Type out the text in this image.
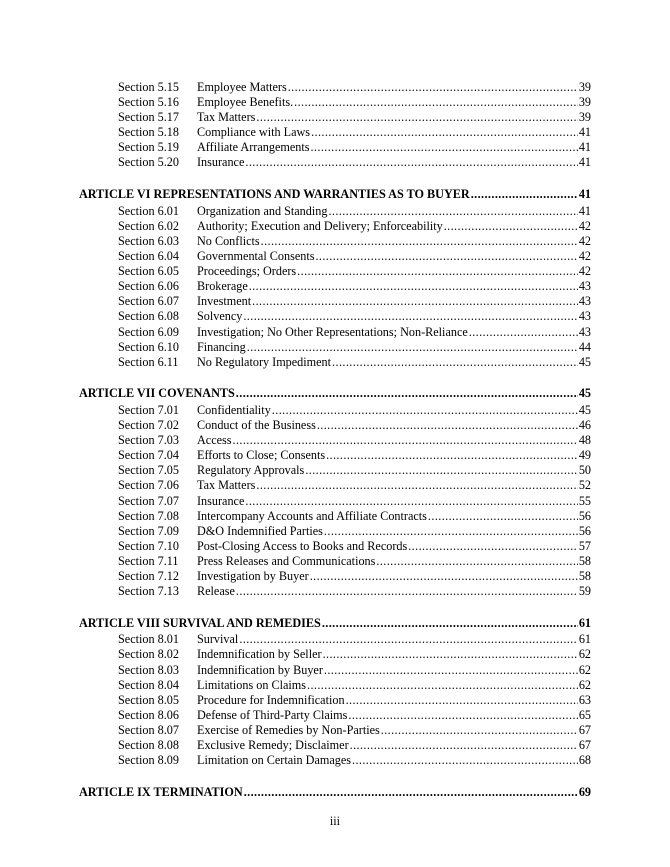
Section 5.15	Employee Matters .....	39
Section 5.16	Employee Benefits. .....	39
Section 5.17	Tax Matters .....	39
Section 5.18	Compliance with Laws .....	41
Section 5.19	Affiliate Arrangements .....	41
Section 5.20	Insurance .....	41
ARTICLE VI REPRESENTATIONS AND WARRANTIES AS TO BUYER .....	41
Section 6.01	Organization and Standing .....	41
Section 6.02	Authority; Execution and Delivery; Enforceability .....	42
Section 6.03	No Conflicts .....	42
Section 6.04	Governmental Consents .....	42
Section 6.05	Proceedings; Orders .....	42
Section 6.06	Brokerage .....	43
Section 6.07	Investment .....	43
Section 6.08	Solvency .....	43
Section 6.09	Investigation; No Other Representations; Non-Reliance .....	43
Section 6.10	Financing .....	44
Section 6.11	No Regulatory Impediment .....	45
ARTICLE VII COVENANTS .....	45
Section 7.01	Confidentiality .....	45
Section 7.02	Conduct of the Business .....	46
Section 7.03	Access .....	48
Section 7.04	Efforts to Close; Consents .....	49
Section 7.05	Regulatory Approvals .....	50
Section 7.06	Tax Matters .....	52
Section 7.07	Insurance .....	55
Section 7.08	Intercompany Accounts and Affiliate Contracts .....	56
Section 7.09	D&O Indemnified Parties .....	56
Section 7.10	Post-Closing Access to Books and Records .....	57
Section 7.11	Press Releases and Communications .....	58
Section 7.12	Investigation by Buyer .....	58
Section 7.13	Release .....	59
ARTICLE VIII SURVIVAL AND REMEDIES .....	61
Section 8.01	Survival .....	61
Section 8.02	Indemnification by Seller .....	62
Section 8.03	Indemnification by Buyer .....	62
Section 8.04	Limitations on Claims .....	62
Section 8.05	Procedure for Indemnification .....	63
Section 8.06	Defense of Third-Party Claims .....	65
Section 8.07	Exercise of Remedies by Non-Parties .....	67
Section 8.08	Exclusive Remedy; Disclaimer .....	67
Section 8.09	Limitation on Certain Damages .....	68
ARTICLE IX TERMINATION .....	69
iii
